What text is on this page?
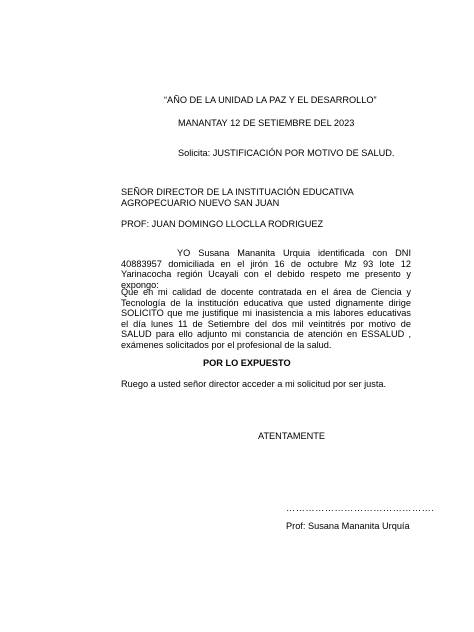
“AÑO DE LA UNIDAD LA PAZ Y EL DESARROLLO”
MANANTAY 12 DE SETIEMBRE DEL 2023
Solicita: JUSTIFICACIÓN POR MOTIVO DE SALUD.
SEÑOR DIRECTOR DE LA INSTITUACIÓN EDUCATIVA
AGROPECUARIO NUEVO SAN JUAN
PROF: JUAN DOMINGO LLOCLLA RODRIGUEZ
YO Susana Mananita Urquia identificada con DNI 40883957 domiciliada en el jirón 16 de octubre Mz 93 lote 12 Yarinacocha región Ucayali con el debido respeto me presento y expongo:
Que en mi calidad de docente contratada en el área de Ciencia y Tecnología de la institución educativa que usted dignamente dirige SOLICITO que me justifique mi inasistencia a mis labores educativas el día lunes 11 de Setiembre del dos mil veintitrés por motivo de SALUD para ello adjunto mi constancia de atención en ESSALUD , exámenes solicitados por el profesional de la salud.
POR LO EXPUESTO
Ruego a usted señor director acceder a mi solicitud por ser justa.
ATENTAMENTE
……………………………………….
Prof: Susana Mananita Urquía
